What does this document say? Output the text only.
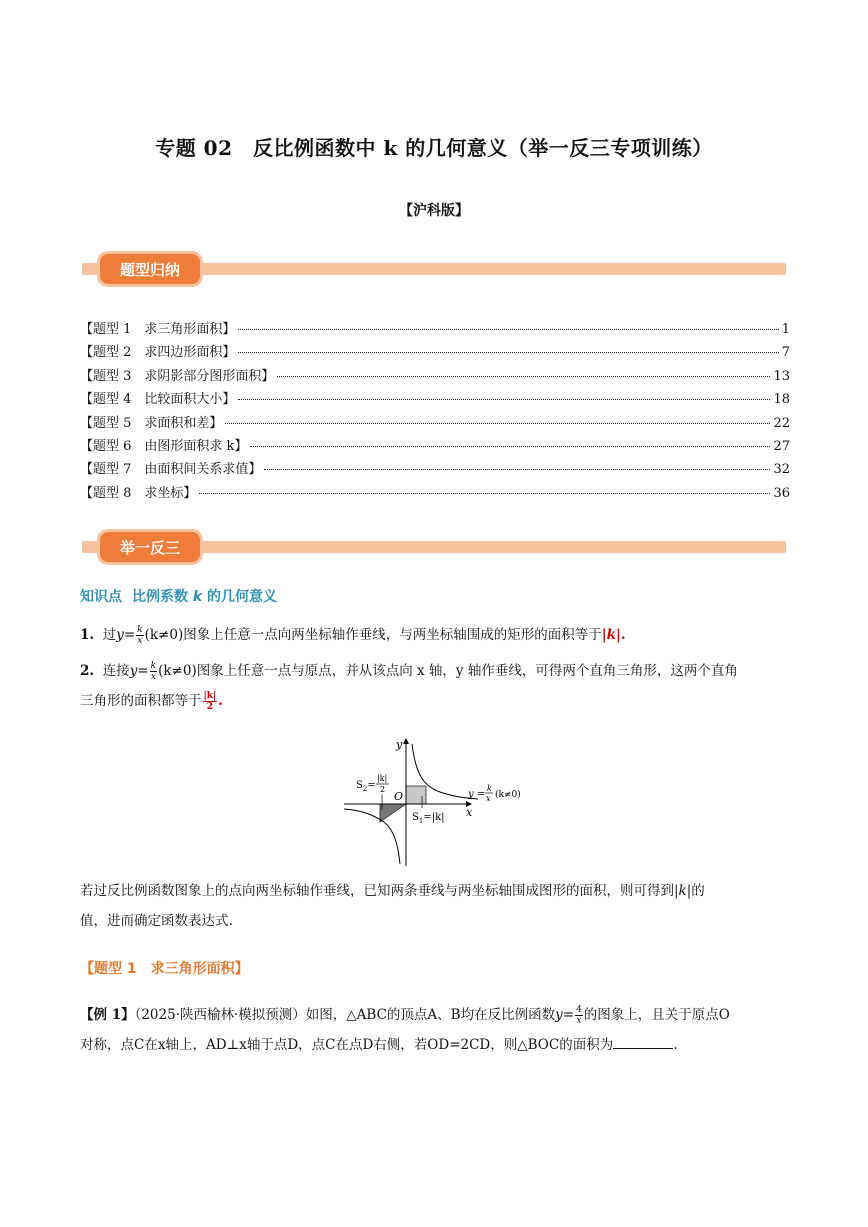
专题 02　反比例函数中 k 的几何意义（举一反三专项训练）
【沪科版】
题型归纳
【题型 1　求三角形面积】	1
【题型 2　求四边形面积】	7
【题型 3　求阴影部分图形面积】	13
【题型 4　比较面积大小】	18
【题型 5　求面积和差】	22
【题型 6　由图形面积求 k】	27
【题型 7　由面积间关系求值】	32
【题型 8　求坐标】	36
举一反三
知识点 比例系数 k 的几何意义
1. 过$y= \frac{k}{x} (k\ne 0)$图象上任意一点向两坐标轴作垂线，与两坐标轴围成的矩形的面积等于|k|.
2. 连接$y= \frac{k}{x} (k\ne 0)$图象上任意一点与原点，并从该点向 x 轴，y 轴作垂线，可得两个直角三角形，这两个直角
三角形的面积都等于 $\frac{|k|}{2}$ .
y
x
O
$S_2=$
|k|
2
$S_1=|k|$
y =
k
x (k≠0)
若过反比例函数图象上的点向两坐标轴作垂线，已知两条垂线与两坐标轴围成图形的面积，则可得到|k|的
值，进而确定函数表达式.
【题型 1　求三角形面积】
【例 1】（2025·陕西榆林·模拟预测）如图，△ABC的顶点A、B均在反比例函数$y= \frac{4}{x}$ 的图象上，且关于原点O
对称，点C在x轴上，AD⊥x轴于点D，点C在点D右侧，若OD=2CD，则△BOC的面积为	.
